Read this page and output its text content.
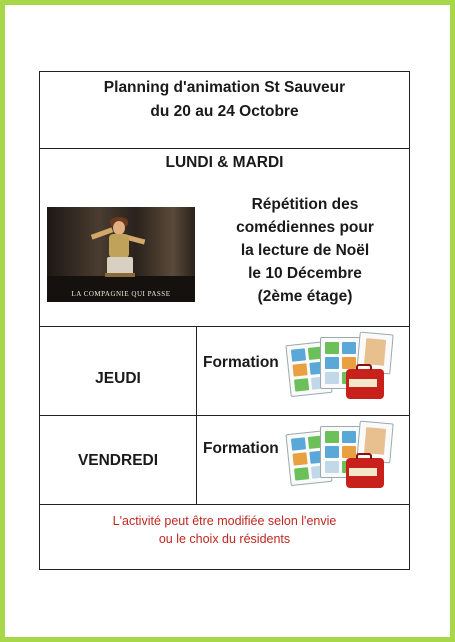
Planning d'animation St Sauveur
du 20 au 24 Octobre
LUNDI & MARDI
LA COMPAGNIE QUI PASSE
Répétition des
comédiennes pour
la lecture de Noël
le 10 Décembre
(2ème étage)
JEUDI
Formation
VENDREDI
Formation
L'activité peut être modifiée selon l'envie
ou le choix du résidents
